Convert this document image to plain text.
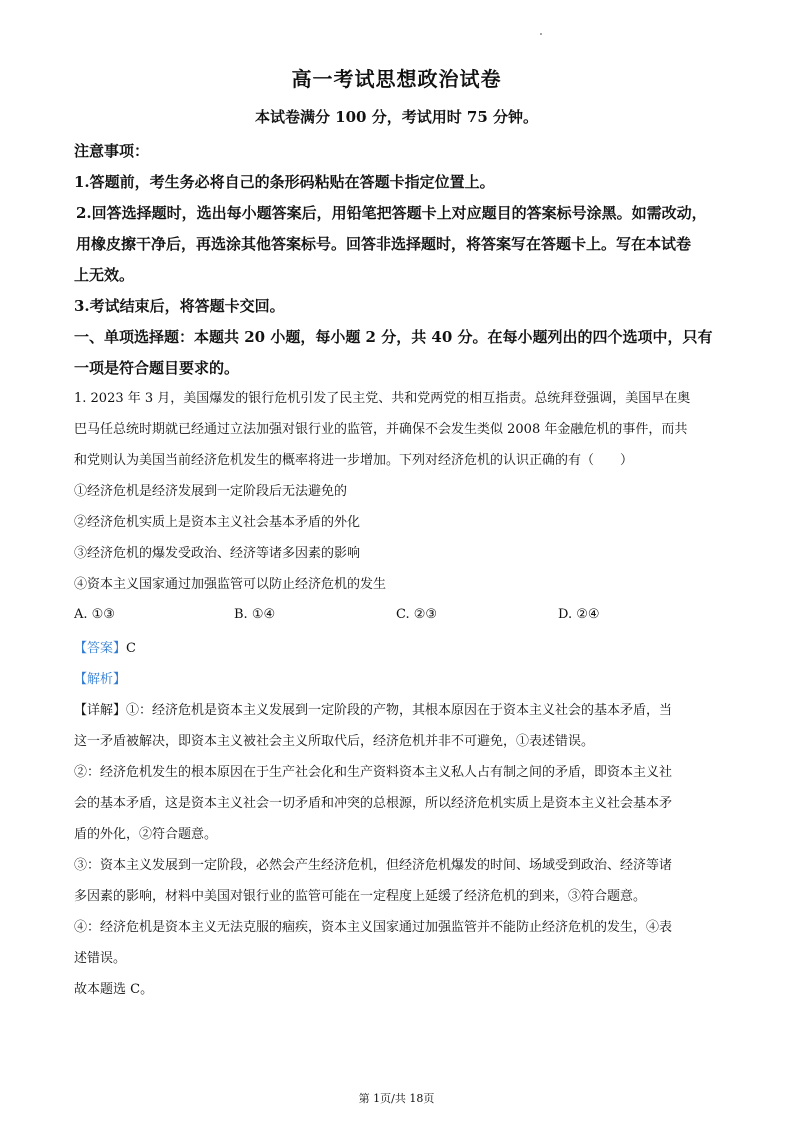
高一考试思想政治试卷
本试卷满分 100 分，考试用时 75 分钟。
注意事项：
1.答题前，考生务必将自己的条形码粘贴在答题卡指定位置上。
2.回答选择题时，选出每小题答案后，用铅笔把答题卡上对应题目的答案标号涂黑。如需改动，
用橡皮擦干净后，再选涂其他答案标号。回答非选择题时，将答案写在答题卡上。写在本试卷
上无效。
3.考试结束后，将答题卡交回。
一、单项选择题：本题共 20 小题，每小题 2 分，共 40 分。在每小题列出的四个选项中，只有
一项是符合题目要求的。
1. 2023 年 3 月，美国爆发的银行危机引发了民主党、共和党两党的相互指责。总统拜登强调，美国早在奥
巴马任总统时期就已经通过立法加强对银行业的监管，并确保不会发生类似 2008 年金融危机的事件，而共
和党则认为美国当前经济危机发生的概率将进一步增加。下列对经济危机的认识正确的有（　　）
①经济危机是经济发展到一定阶段后无法避免的
②经济危机实质上是资本主义社会基本矛盾的外化
③经济危机的爆发受政治、经济等诸多因素的影响
④资本主义国家通过加强监管可以防止经济危机的发生
A. ①③	B. ①④	C. ②③	D. ②④
【答案】C
【解析】
【详解】①：经济危机是资本主义发展到一定阶段的产物，其根本原因在于资本主义社会的基本矛盾，当
这一矛盾被解决，即资本主义被社会主义所取代后，经济危机并非不可避免，①表述错误。
②：经济危机发生的根本原因在于生产社会化和生产资料资本主义私人占有制之间的矛盾，即资本主义社
会的基本矛盾，这是资本主义社会一切矛盾和冲突的总根源，所以经济危机实质上是资本主义社会基本矛
盾的外化，②符合题意。
③：资本主义发展到一定阶段，必然会产生经济危机，但经济危机爆发的时间、场域受到政治、经济等诸
多因素的影响，材料中美国对银行业的监管可能在一定程度上延缓了经济危机的到来，③符合题意。
④：经济危机是资本主义无法克服的痼疾，资本主义国家通过加强监管并不能防止经济危机的发生，④表
述错误。
故本题选 C。
第 1页/共 18页
